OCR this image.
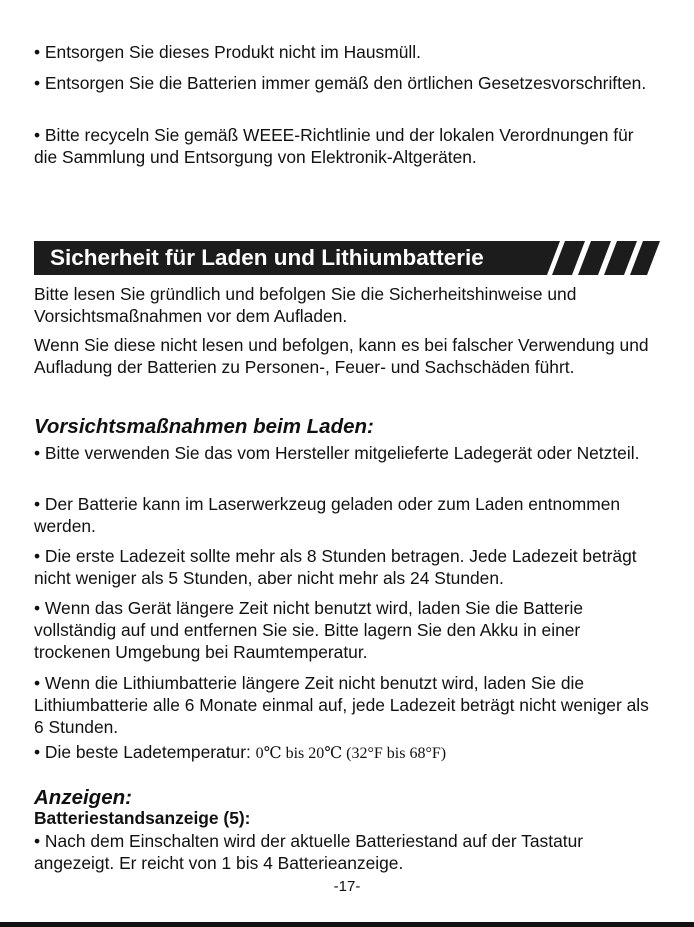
• Entsorgen Sie dieses Produkt nicht im Hausmüll.

• Entsorgen Sie die Batterien immer gemäß den örtlichen Gesetzesvorschriften.

• Bitte recyceln Sie gemäß WEEE-Richtlinie und der lokalen Verordnungen für die Sammlung und Entsorgung von Elektronik-Altgeräten.

Sicherheit für Laden und Lithiumbatterie

Bitte lesen Sie gründlich und befolgen Sie die Sicherheitshinweise und Vorsichtsmaßnahmen vor dem Aufladen.

Wenn Sie diese nicht lesen und befolgen, kann es bei falscher Verwendung und Aufladung der Batterien zu Personen-, Feuer- und Sachschäden führt.

Vorsichtsmaßnahmen beim Laden:

• Bitte verwenden Sie das vom Hersteller mitgelieferte Ladegerät oder Netzteil.

• Der Batterie kann im Laserwerkzeug geladen oder zum Laden entnommen werden.

• Die erste Ladezeit sollte mehr als 8 Stunden betragen. Jede Ladezeit beträgt nicht weniger als 5 Stunden, aber nicht mehr als 24 Stunden.

• Wenn das Gerät längere Zeit nicht benutzt wird, laden Sie die Batterie vollständig auf und entfernen Sie sie. Bitte lagern Sie den Akku in einer trockenen Umgebung bei Raumtemperatur.

• Wenn die Lithiumbatterie längere Zeit nicht benutzt wird, laden Sie die Lithiumbatterie alle 6 Monate einmal auf, jede Ladezeit beträgt nicht weniger als 6 Stunden.

• Die beste Ladetemperatur: 0℃ bis 20℃ (32°F bis 68°F)

Anzeigen:
Batteriestandsanzeige (5):

• Nach dem Einschalten wird der aktuelle Batteriestand auf der Tastatur angezeigt. Er reicht von 1 bis 4 Batterieanzeige.

-17-
